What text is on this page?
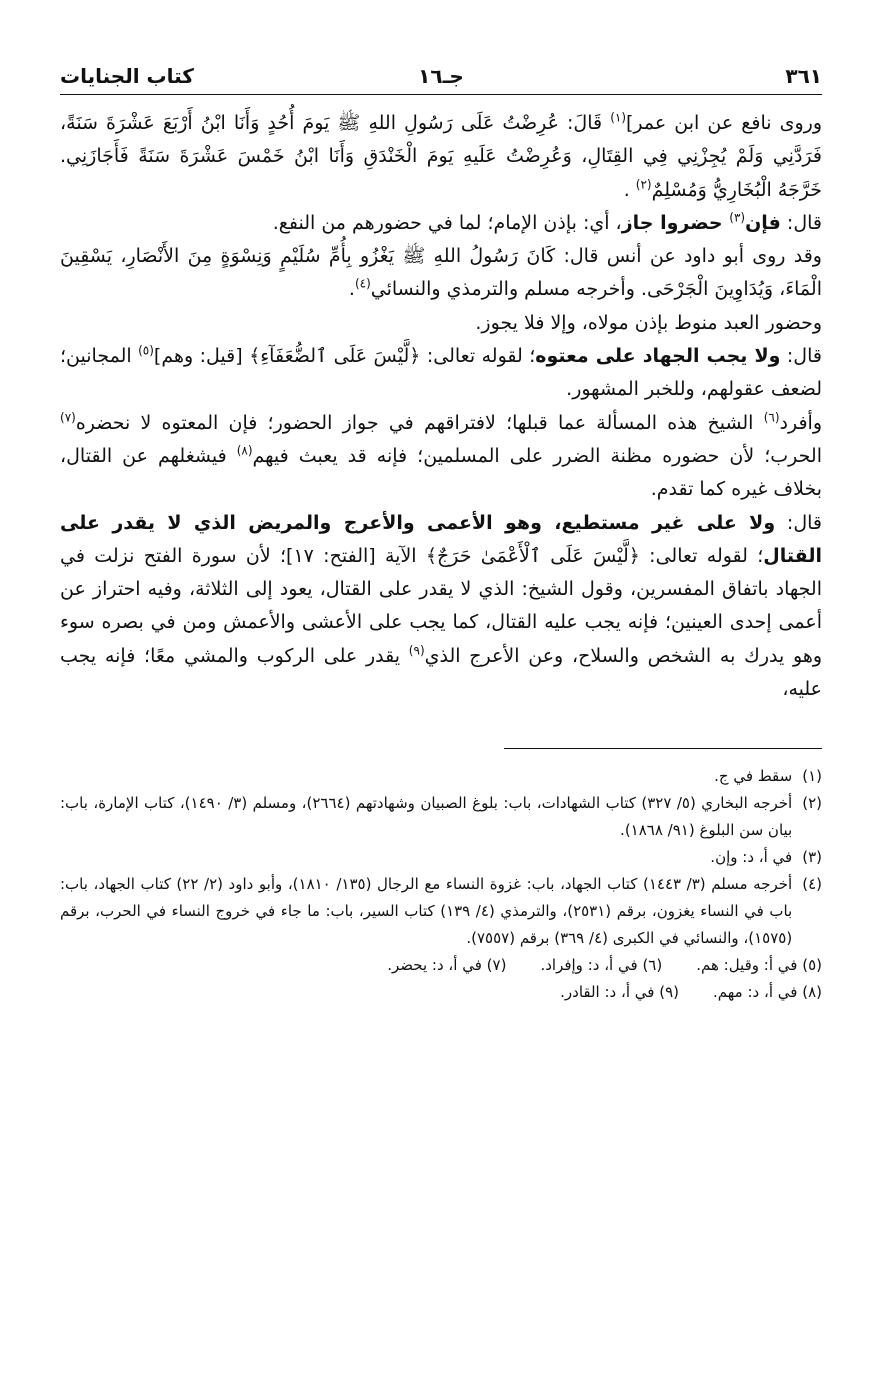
٣٦١
جـ١٦
كتاب الجنايات

وروى نافع عن ابن عمر]$^{(١)}$ قَالَ: عُرِضْتُ عَلَى رَسُولِ اللهِ ﷺ يَومَ أُحُدٍ وَأَنَا ابْنُ أَرْبَعَ عَشْرَةَ سَنَةً، فَرَدَّنِي وَلَمْ يُجِزْنِي فِي القِتَالِ، وَعُرِضْتُ عَلَيهِ يَومَ الْخَنْدَقِ وَأَنَا ابْنُ خَمْسَ عَشْرَةَ سَنَةً فَأَجَازَنِي. خَرَّجَهُ الْبُخَارِيُّ وَمُسْلِمٌ$^{(٢)}$ .

قال: فإن$^{(٣)}$ حضروا جاز، أي: بإذن الإمام؛ لما في حضورهم من النفع.

وقد روى أبو داود عن أنس قال: كَانَ رَسُولُ اللهِ ﷺ يَغْزُو بِأُمِّ سُلَيْمٍ وَنِسْوَةٍ مِنَ الأَنْصَارِ، يَسْقِينَ الْمَاءَ، وَيُدَاوِينَ الْجَرْحَى. وأخرجه مسلم والترمذي والنسائي$^{(٤)}$.

وحضور العبد منوط بإذن مولاه، وإلا فلا يجوز.

قال: ولا يجب الجهاد على معتوه؛ لقوله تعالى: ﴿لَّيْسَ عَلَى ٱلضُّعَفَآءِ﴾ [قيل: وهم]$^{(٥)}$ المجانين؛ لضعف عقولهم، وللخبر المشهور.

وأفرد$^{(٦)}$ الشيخ هذه المسألة عما قبلها؛ لافتراقهم في جواز الحضور؛ فإن المعتوه لا نحضره$^{(٧)}$ الحرب؛ لأن حضوره مظنة الضرر على المسلمين؛ فإنه قد يعبث فيهم$^{(٨)}$ فيشغلهم عن القتال، بخلاف غيره كما تقدم.

قال: ولا على غير مستطيع، وهو الأعمى والأعرج والمريض الذي لا يقدر على القتال؛ لقوله تعالى: ﴿لَّيْسَ عَلَى ٱلْأَعْمَىٰ حَرَجٌ﴾ الآية [الفتح: ١٧]؛ لأن سورة الفتح نزلت في الجهاد باتفاق المفسرين، وقول الشيخ: الذي لا يقدر على القتال، يعود إلى الثلاثة، وفيه احتراز عن أعمى إحدى العينين؛ فإنه يجب عليه القتال، كما يجب على الأعشى والأعمش ومن في بصره سوء وهو يدرك به الشخص والسلاح، وعن الأعرج الذي$^{(٩)}$ يقدر على الركوب والمشي معًا؛ فإنه يجب عليه،

(١)
سقط في ج.
(٢)
أخرجه البخاري (٥/ ٣٢٧) كتاب الشهادات، باب: بلوغ الصبيان وشهادتهم (٢٦٦٤)، ومسلم (٣/ ١٤٩٠)، كتاب الإمارة، باب: بيان سن البلوغ (٩١/ ١٨٦٨).
(٣)
في أ، د: وإن.
(٤)
أخرجه مسلم (٣/ ١٤٤٣) كتاب الجهاد، باب: غزوة النساء مع الرجال (١٣٥/ ١٨١٠)، وأبو داود (٢/ ٢٢) كتاب الجهاد، باب: باب في النساء يغزون، برقم (٢٥٣١)، والترمذي (٤/ ١٣٩) كتاب السير، باب: ما جاء في خروج النساء في الحرب، برقم (١٥٧٥)، والنسائي في الكبرى (٤/ ٣٦٩) برقم (٧٥٥٧).
(٥) في أ: وقيل: هم.
(٦) في أ، د: وإفراد.
(٧) في أ، د: يحضر.
(٨) في أ، د: مهم.
(٩) في أ، د: القادر.
